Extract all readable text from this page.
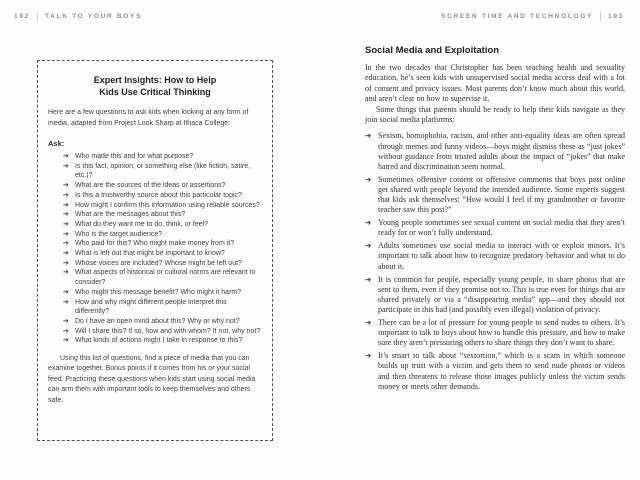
192 TALK TO YOUR BOYS	SCREEN TIME AND TECHNOLOGY 193
Expert Insights: How to Help
Kids Use Critical Thinking

Here are a few questions to ask kids when looking at any form of media, adapted from Project Look Sharp at Ithaca College:

Ask:
➔ Who made this and for what purpose?
➔ Is this fact, opinion, or something else (like fiction, satire, etc.)?
➔ What are the sources of the ideas or assertions?
➔ Is this a trustworthy source about this particular topic?
➔ How might I confirm this information using reliable sources?
➔ What are the messages about this?
➔ What do they want me to do, think, or feel?
➔ Who is the target audience?
➔ Who paid for this? Who might make money from it?
➔ What is left out that might be important to know?
➔ Whose voices are included? Whose might be left out?
➔ What aspects of historical or cultural norms are relevant to consider?
➔ Who might this message benefit? Who might it harm?
➔ How and why might different people interpret this differently?
➔ Do I have an open mind about this? Why or why not?
➔ Will I share this? If so, how and with whom? If not, why not?
➔ What kinds of actions might I take in response to this?

Using this list of questions, find a piece of media that you can examine together. Bonus points if it comes from his or your social feed. Practicing these questions when kids start using social media can arm them with important tools to keep themselves and others safe.

Social Media and Exploitation

In the two decades that Christopher has been teaching health and sexuality education, he’s seen kids with unsupervised social media access deal with a lot of consent and privacy issues. Most parents don’t know much about this world, and aren’t clear on how to supervise it.

Some things that parents should be ready to help their kids navigate as they join social media platforms:

➔ Sexism, homophobia, racism, and other anti-equality ideas are often spread through memes and funny videos—boys might dismiss these as “just jokes” without guidance from trusted adults about the impact of “jokes” that make hatred and discrimination seem normal.
➔ Sometimes offensive content or offensive comments that boys post online get shared with people beyond the intended audience. Some experts suggest that kids ask themselves: “How would I feel if my grandmother or favorite teacher saw this post?”
➔ Young people sometimes see sexual content on social media that they aren’t ready for or won’t fully understand.
➔ Adults sometimes use social media to interact with or exploit minors. It’s important to talk about how to recognize predatory behavior and what to do about it.
➔ It is common for people, especially young people, to share photos that are sent to them, even if they promise not to. This is true even for things that are shared privately or via a “disappearing media” app—and they should not participate in this bad (and possibly even illegal) violation of privacy.
➔ There can be a lot of pressure for young people to send nudes to others. It’s important to talk to boys about how to handle this pressure, and how to make sure they aren’t pressuring others to share things they don’t want to share.
➔ It’s smart to talk about “sextortion,” which is a scam in which someone builds up trust with a victim and gets them to send nude photos or videos and then threatens to release those images publicly unless the victim sends money or meets other demands.
